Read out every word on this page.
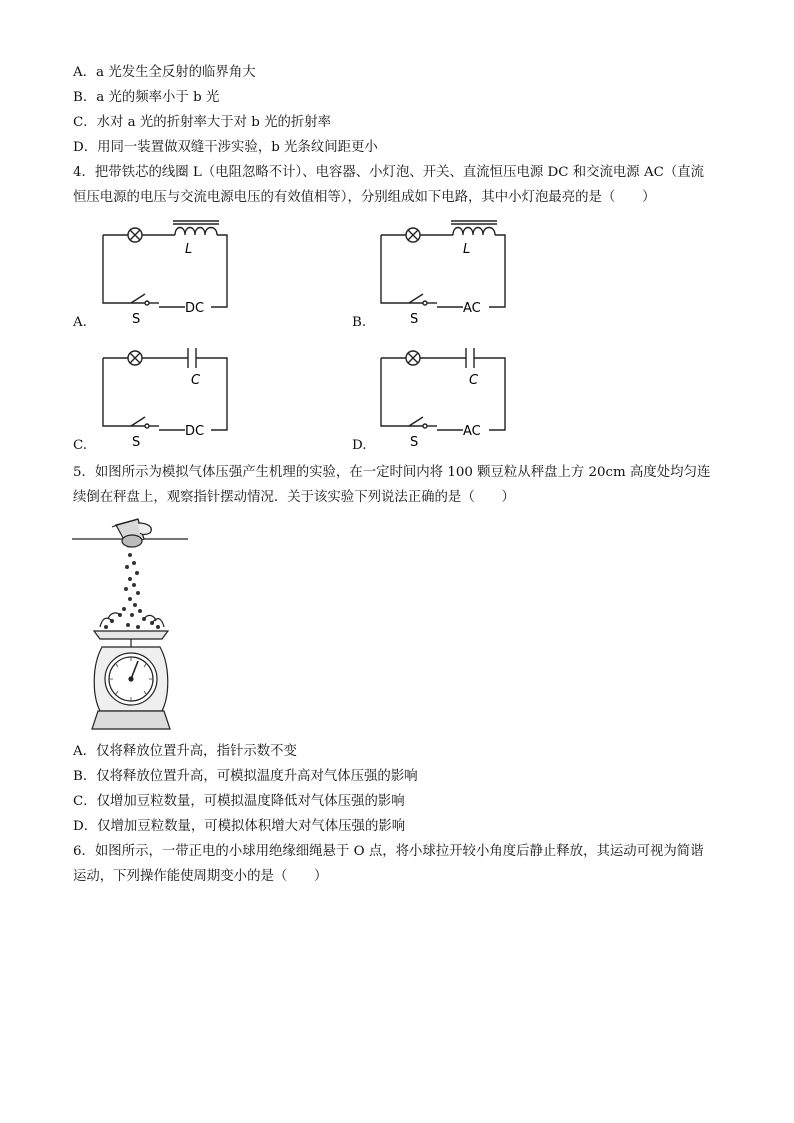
A．a 光发生全反射的临界角大
B．a 光的频率小于 b 光
C．水对 a 光的折射率大于对 b 光的折射率
D．用同一装置做双缝干涉实验，b 光条纹间距更小
4．把带铁芯的线圈 L（电阻忽略不计）、电容器、小灯泡、开关、直流恒压电源 DC 和交流电源 AC（直流
恒压电源的电压与交流电源电压的有效值相等），分别组成如下电路，其中小灯泡最亮的是（　　）
A.
L
S
DC
B.
L
S
AC
C.
C
S
DC
D.
C
S
AC
5．如图所示为模拟气体压强产生机理的实验，在一定时间内将 100 颗豆粒从秤盘上方 20cm 高度处均匀连
续倒在秤盘上，观察指针摆动情况．关于该实验下列说法正确的是（　　）
A．仅将释放位置升高，指针示数不变
B．仅将释放位置升高，可模拟温度升高对气体压强的影响
C．仅增加豆粒数量，可模拟温度降低对气体压强的影响
D．仅增加豆粒数量，可模拟体积增大对气体压强的影响
6．如图所示，一带正电的小球用绝缘细绳悬于 O 点，将小球拉开较小角度后静止释放，其运动可视为简谐
运动，下列操作能使周期变小的是（　　）
